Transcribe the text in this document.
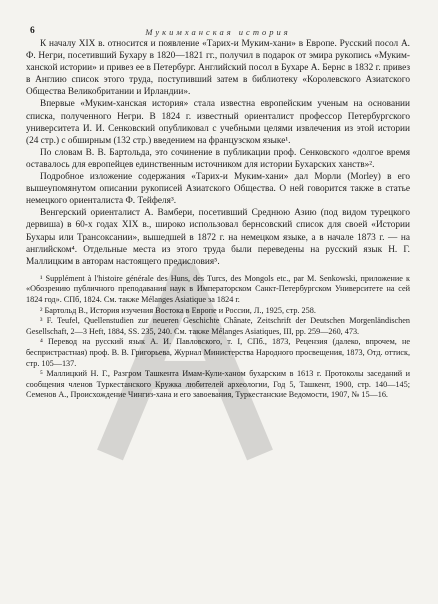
6	Мукимханская история

К началу XIX в. относится и появление «Тарих-и Муким-хани» в Европе. Русский посол А. Ф. Негри, посетивший Бухару в 1820—1821 гг., получил в подарок от эмира рукопись «Муким-ханской истории» и привез ее в Петербург. Английский посол в Бухаре А. Бернс в 1832 г. привез в Англию список этого труда, поступивший затем в библиотеку «Королевского Азиатского Общества Великобритании и Ирландии».

Впервые «Муким-ханская история» стала известна европейским ученым на основании списка, полученного Негри. В 1824 г. известный ориенталист профессор Петербургского университета И. И. Сенковский опубликовал с учебными целями извлечения из этой истории (24 стр.) с обширным (132 стр.) введением на французском языке¹.

По словам В. В. Бартольда, это сочинение в публикации проф. Сенковского «долгое время оставалось для европейцев единственным источником для истории Бухарских ханств»².

Подробное изложение содержания «Тарих-и Муким-хани» дал Морли (Morley) в его вышеупомянутом описании рукописей Азиатского Общества. О ней говорится также в статье немецкого ориенталиста Ф. Тейфеля³.

Венгерский ориенталист А. Вамбери, посетивший Среднюю Азию (под видом турецкого дервиша) в 60-х годах XIX в., широко использовал бернсовский список для своей «Истории Бухары или Трансоксании», вышедшей в 1872 г. на немецком языке, а в начале 1873 г. — на английском⁴. Отдельные места из этого труда были переведены на русский язык Н. Г. Маллицким в авторам настоящего предисловия⁵.

¹ Supplément à l'histoire générale des Huns, des Turcs, des Mongols etc., par M. Senkowski, приложение к «Обозрению публичного преподавания наук в Императорском Санкт-Петербургском Университете на сей 1824 год». СПб, 1824. См. также Mélanges Asiatique за 1824 г.

² Бартольд В., История изучения Востока в Европе и России, Л., 1925, стр. 258.

³ F. Teufel, Quellenstudien zur neueren Geschichte Chânate, Zeitschrift der Deutschen Morgenländischen Gesellschaft, 2—3 Heft, 1884, SS. 235, 240. См. также Mélanges Asiatiques, III, pp. 259—260, 473.

⁴ Перевод на русский язык А. И. Павловского, т. I, СПб., 1873, Рецензия (далеко, впрочем, не беспристрастная) проф. В. В. Григорьева, Журнал Министерства Народного просвещения, 1873, Отд. оттиск, стр. 105—137.

⁵ Маллицкий Н. Г., Разгром Ташкента Имам-Кули-ханом бухарским в 1613 г. Протоколы заседаний и сообщения членов Туркестанского Кружка любителей археологии, Год 5, Ташкент, 1900, стр. 140—145; Семенов А., Происхождение Чингиз-хана и его завоевания, Туркестанские Ведомости, 1907, № 15—16.
